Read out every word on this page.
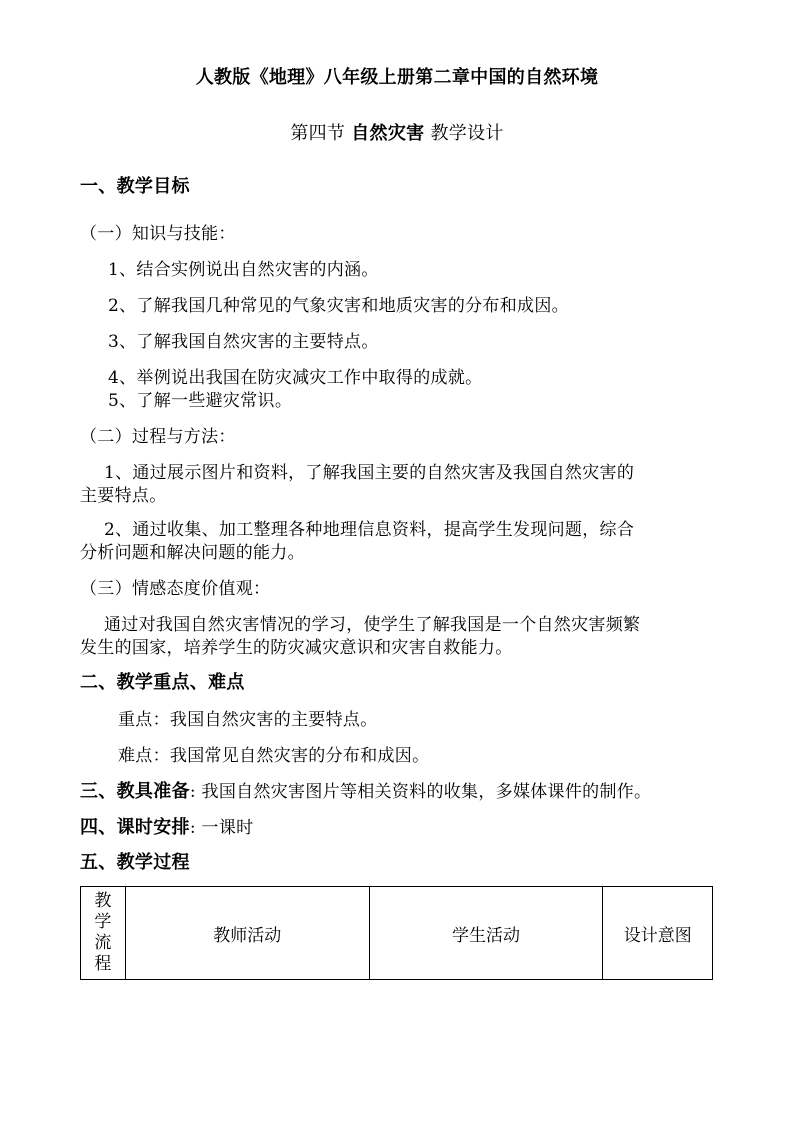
人教版《地理》八年级上册第二章中国的自然环境
第四节 自然灾害 教学设计
一、教学目标
（一）知识与技能：
1、结合实例说出自然灾害的内涵。
2、了解我国几种常见的气象灾害和地质灾害的分布和成因。
3、了解我国自然灾害的主要特点。
4、举例说出我国在防灾减灾工作中取得的成就。
5、了解一些避灾常识。
（二）过程与方法：
1、通过展示图片和资料，了解我国主要的自然灾害及我国自然灾害的
主要特点。
2、通过收集、加工整理各种地理信息资料，提高学生发现问题，综合
分析问题和解决问题的能力。
（三）情感态度价值观：
通过对我国自然灾害情况的学习，使学生了解我国是一个自然灾害频繁
发生的国家，培养学生的防灾减灾意识和灾害自救能力。
二、教学重点、难点
重点：我国自然灾害的主要特点。
难点：我国常见自然灾害的分布和成因。
三、教具准备: 我国自然灾害图片等相关资料的收集，多媒体课件的制作。
四、课时安排: 一课时
五、教学过程
教
学
流
程
	教师活动	学生活动	设计意图
